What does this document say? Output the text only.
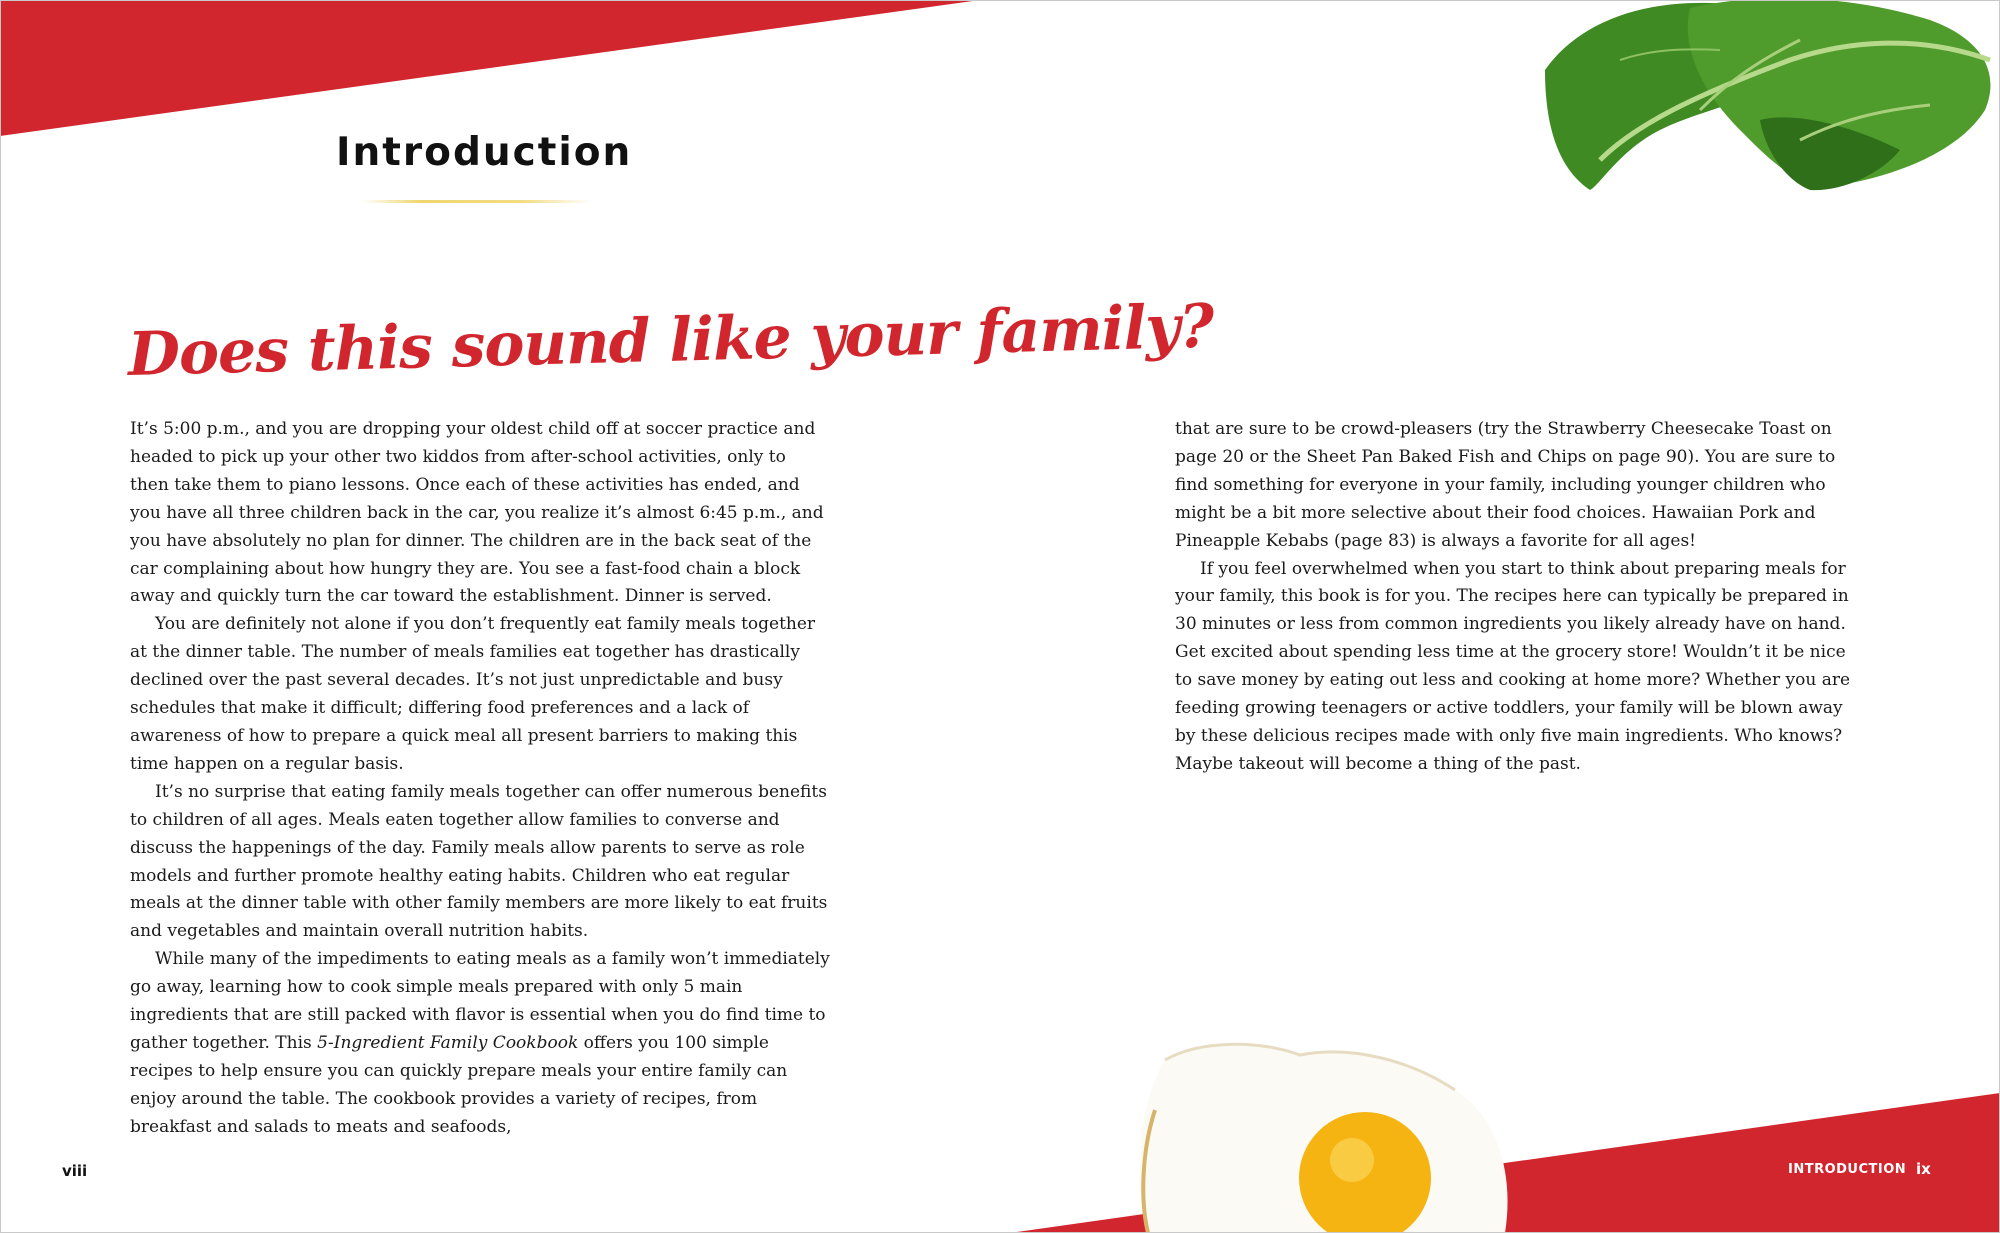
Introduction
Does this sound like your family?

It’s 5:00 p.m., and you are dropping your oldest child off at soccer practice and headed to pick up your other two kiddos from after-school activities, only to then take them to piano lessons. Once each of these activities has ended, and you have all three children back in the car, you realize it’s almost 6:45 p.m., and you have absolutely no plan for dinner. The children are in the back seat of the car complaining about how hungry they are. You see a fast-food chain a block away and quickly turn the car toward the establishment. Dinner is served.

You are definitely not alone if you don’t frequently eat family meals together at the dinner table. The number of meals families eat together has drastically declined over the past several decades. It’s not just unpredictable and busy schedules that make it difficult; differing food preferences and a lack of awareness of how to prepare a quick meal all present barriers to making this time happen on a regular basis.

It’s no surprise that eating family meals together can offer numerous benefits to children of all ages. Meals eaten together allow families to converse and discuss the happenings of the day. Family meals allow parents to serve as role models and further promote healthy eating habits. Children who eat regular meals at the dinner table with other family members are more likely to eat fruits and vegetables and maintain overall nutrition habits.

While many of the impediments to eating meals as a family won’t immediately go away, learning how to cook simple meals prepared with only 5 main ingredients that are still packed with flavor is essential when you do find time to gather together. This 5-Ingredient Family Cookbook offers you 100 simple recipes to help ensure you can quickly prepare meals your entire family can enjoy around the table. The cookbook provides a variety of recipes, from breakfast and salads to meats and seafoods,

that are sure to be crowd-pleasers (try the Strawberry Cheesecake Toast on page 20 or the Sheet Pan Baked Fish and Chips on page 90). You are sure to find something for everyone in your family, including younger children who might be a bit more selective about their food choices. Hawaiian Pork and Pineapple Kebabs (page 83) is always a favorite for all ages!

If you feel overwhelmed when you start to think about preparing meals for your family, this book is for you. The recipes here can typically be prepared in 30 minutes or less from common ingredients you likely already have on hand. Get excited about spending less time at the grocery store! Wouldn’t it be nice to save money by eating out less and cooking at home more? Whether you are feeding growing teenagers or active toddlers, your family will be blown away by these delicious recipes made with only five main ingredients. Who knows? Maybe takeout will become a thing of the past.

viii	INTRODUCTION ix
